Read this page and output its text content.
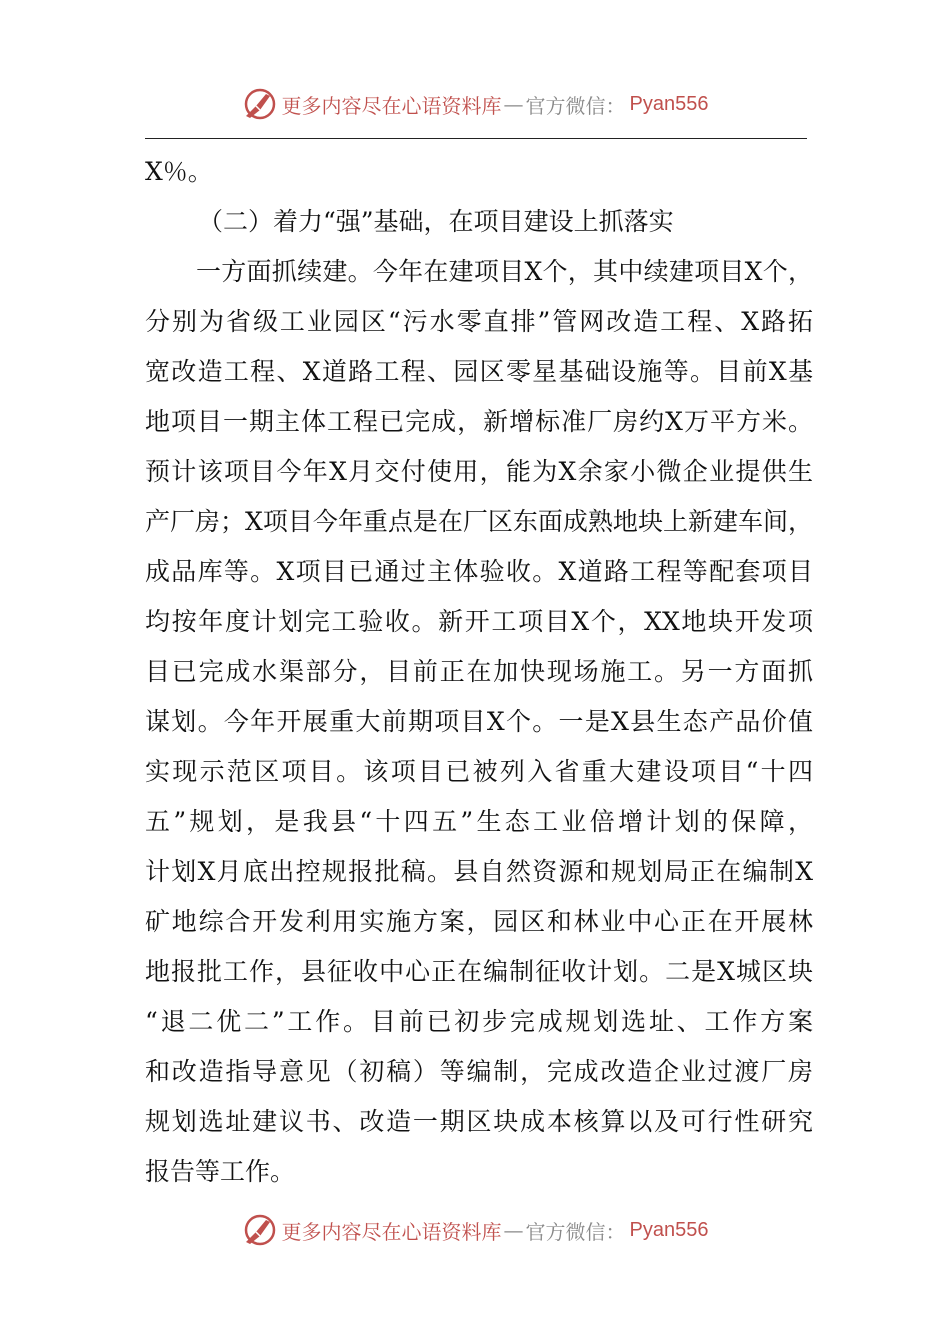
更多内容尽在心语资料库 — 官方微信： Pyan556
X％。
（二）着力“强”基础，在项目建设上抓落实
一方面抓续建。今年在建项目X个，其中续建项目X个，
分别为省级工业园区“污水零直排”管网改造工程、X路拓
宽改造工程、X道路工程、园区零星基础设施等。目前X基
地项目一期主体工程已完成，新增标准厂房约X万平方米。
预计该项目今年X月交付使用，能为X余家小微企业提供生
产厂房；X项目今年重点是在厂区东面成熟地块上新建车间，
成品库等。X项目已通过主体验收。X道路工程等配套项目
均按年度计划完工验收。新开工项目X个，XX地块开发项
目已完成水渠部分，目前正在加快现场施工。另一方面抓
谋划。今年开展重大前期项目X个。一是X县生态产品价值
实现示范区项目。该项目已被列入省重大建设项目“十四
五”规划，是我县“十四五”生态工业倍增计划的保障，
计划X月底出控规报批稿。县自然资源和规划局正在编制X
矿地综合开发利用实施方案，园区和林业中心正在开展林
地报批工作，县征收中心正在编制征收计划。二是X城区块
“退二优二”工作。目前已初步完成规划选址、工作方案
和改造指导意见（初稿）等编制，完成改造企业过渡厂房
规划选址建议书、改造一期区块成本核算以及可行性研究
报告等工作。
更多内容尽在心语资料库 — 官方微信： Pyan556
